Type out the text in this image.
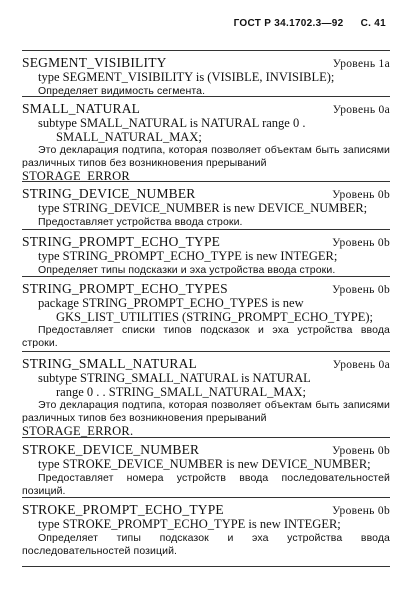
ГОСТ Р 34.1702.3—92 С. 41
SEGMENT_VISIBILITY	Уровень 1a
type SEGMENT_VISIBILITY is (VISIBLE, INVISIBLE);
Определяет видимость сегмента.
SMALL_NATURAL	Уровень 0a
subtype SMALL_NATURAL is NATURAL range 0 .
SMALL_NATURAL_MAX;
Это декларация подтипа, которая позволяет объектам быть записями различных типов без возникновения прерываний
STORAGE_ERROR
STRING_DEVICE_NUMBER	Уровень 0b
type STRING_DEVICE_NUMBER is new DEVICE_NUMBER;
Предоставляет устройства ввода строки.
STRING_PROMPT_ECHO_TYPE	Уровень 0b
type STRING_PROMPT_ECHO_TYPE is new INTEGER;
Определяет типы подсказки и эха устройства ввода строки.
STRING_PROMPT_ECHO_TYPES	Уровень 0b
package STRING_PROMPT_ECHO_TYPES is new
GKS_LIST_UTILITIES (STRING_PROMPT_ECHO_TYPE);
Предоставляет списки типов подсказок и эха устройства ввода строки.
STRING_SMALL_NATURAL	Уровень 0a
subtype STRING_SMALL_NATURAL is NATURAL
range 0 . . STRING_SMALL_NATURAL_MAX;
Это декларация подтипа, которая позволяет объектам быть записями различных типов без возникновения прерываний
STORAGE_ERROR.
STROKE_DEVICE_NUMBER	Уровень 0b
type STROKE_DEVICE_NUMBER is new DEVICE_NUMBER;
Предоставляет номера устройств ввода последовательностей позиций.
STROKE_PROMPT_ECHO_TYPE	Уровень 0b
type STROKE_PROMPT_ECHO_TYPE is new INTEGER;
Определяет типы подсказок и эха устройства ввода последовательностей позиций.
